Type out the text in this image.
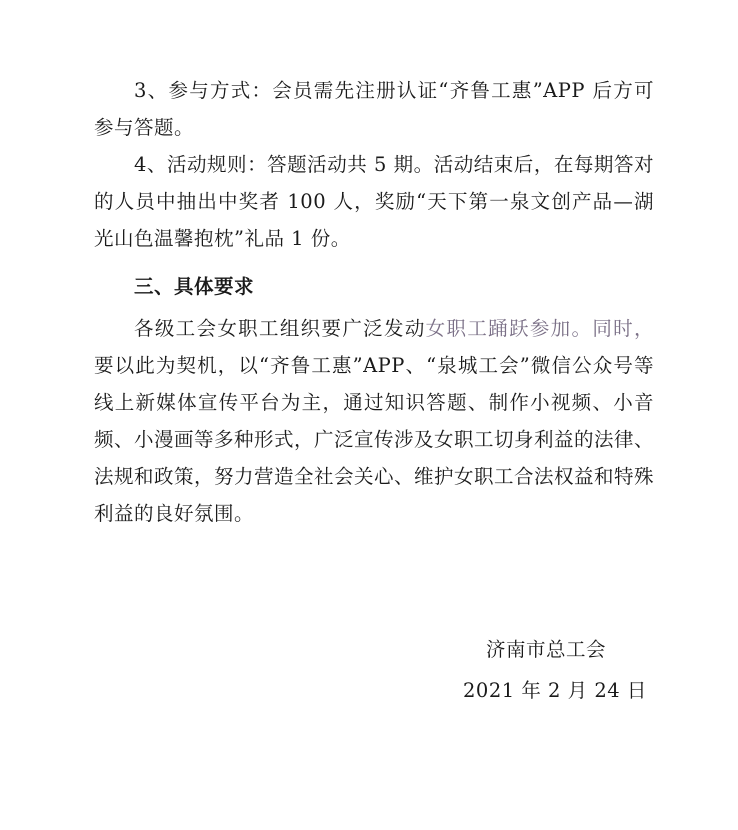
3、参与方式：会员需先注册认证“齐鲁工惠”APP 后方可参与答题。

4、活动规则：答题活动共 5 期。活动结束后，在每期答对的人员中抽出中奖者 100 人，奖励“天下第一泉文创产品—湖光山色温馨抱枕”礼品 1 份。

三、具体要求

各级工会女职工组织要广泛发动女职工踊跃参加。同时，要以此为契机，以“齐鲁工惠”APP、“泉城工会”微信公众号等线上新媒体宣传平台为主，通过知识答题、制作小视频、小音频、小漫画等多种形式，广泛宣传涉及女职工切身利益的法律、法规和政策，努力营造全社会关心、维护女职工合法权益和特殊利益的良好氛围。

济南市总工会
2021 年 2 月 24 日
